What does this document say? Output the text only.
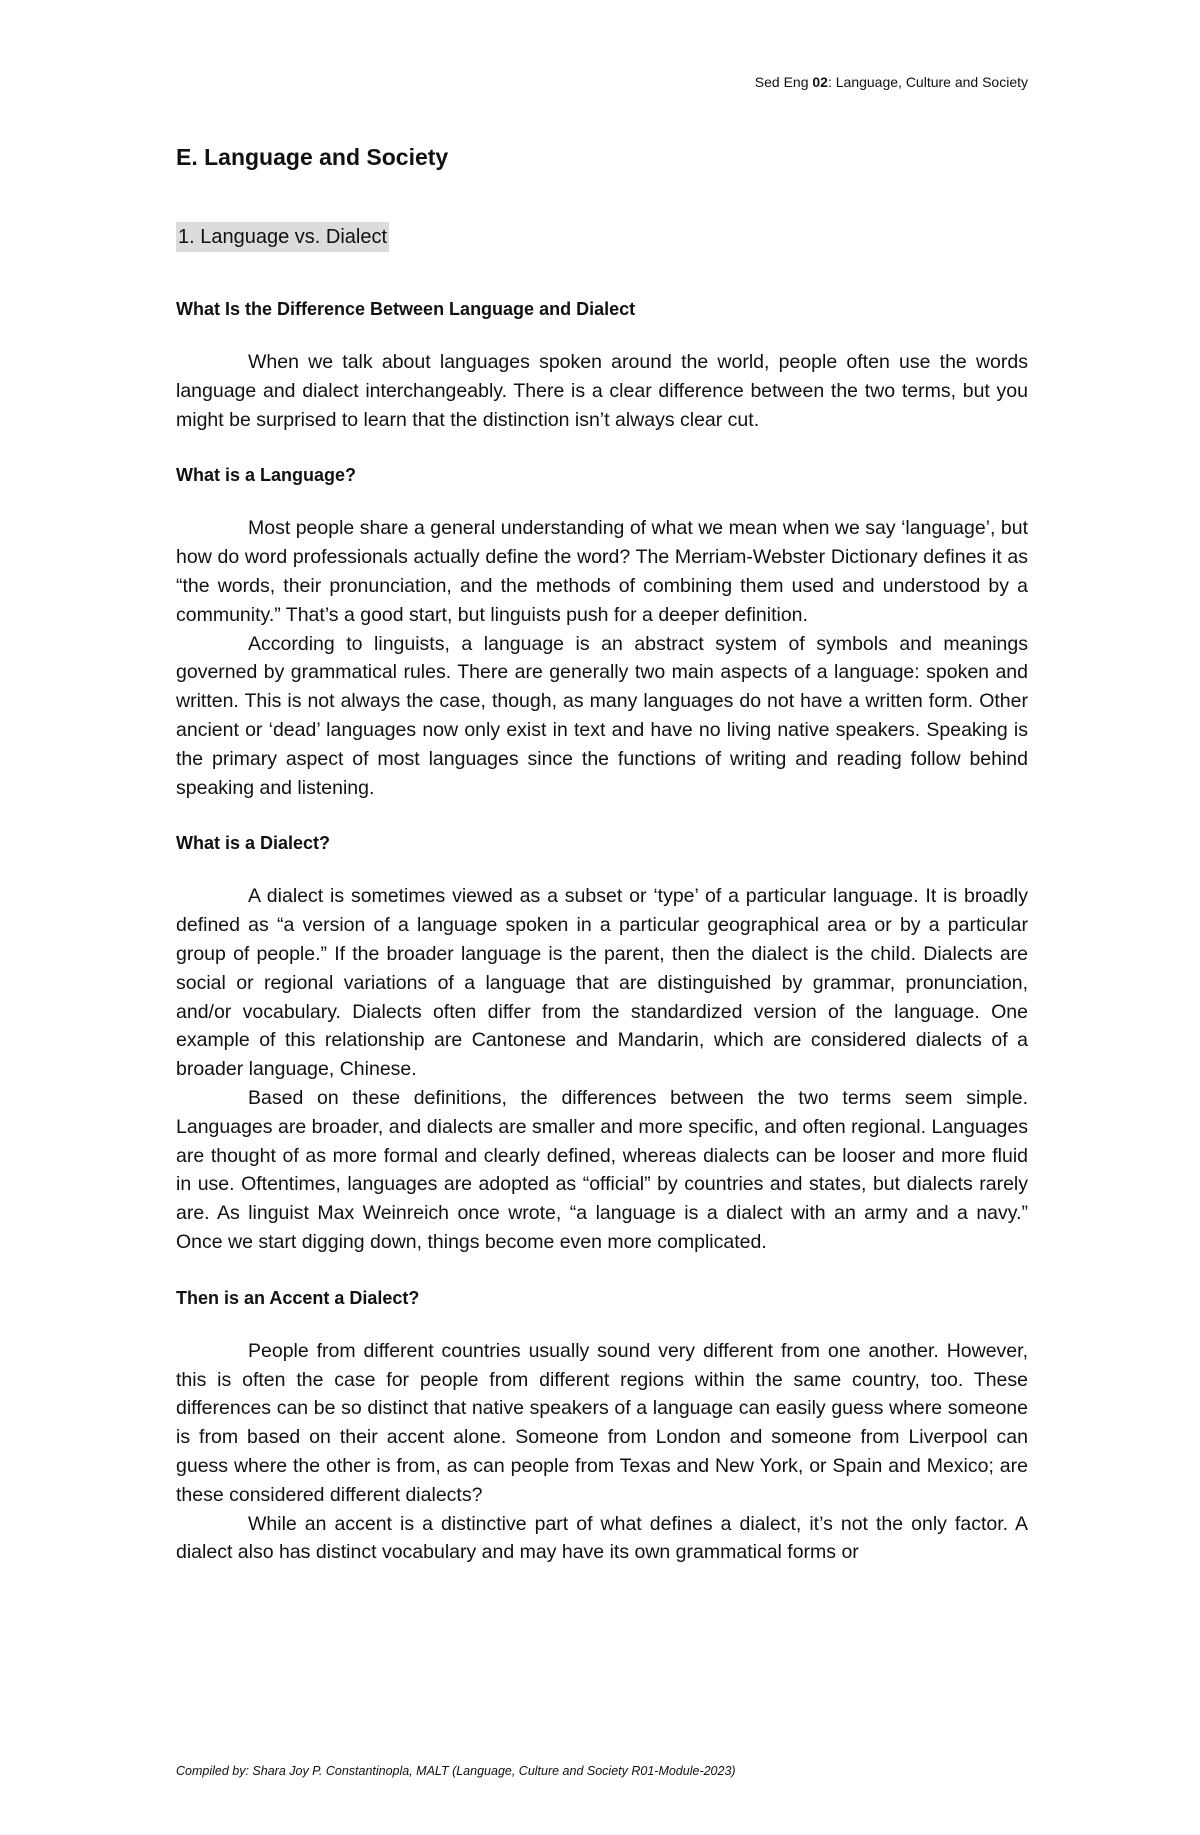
Sed Eng 02: Language, Culture and Society
E. Language and Society
1. Language vs. Dialect
What Is the Difference Between Language and Dialect

When we talk about languages spoken around the world, people often use the words language and dialect interchangeably. There is a clear difference between the two terms, but you might be surprised to learn that the distinction isn’t always clear cut.

What is a Language?

Most people share a general understanding of what we mean when we say ‘language’, but how do word professionals actually define the word? The Merriam-Webster Dictionary defines it as “the words, their pronunciation, and the methods of combining them used and understood by a community.” That’s a good start, but linguists push for a deeper definition.

According to linguists, a language is an abstract system of symbols and meanings governed by grammatical rules. There are generally two main aspects of a language: spoken and written. This is not always the case, though, as many languages do not have a written form. Other ancient or ‘dead’ languages now only exist in text and have no living native speakers. Speaking is the primary aspect of most languages since the functions of writing and reading follow behind speaking and listening.

What is a Dialect?

A dialect is sometimes viewed as a subset or ‘type’ of a particular language. It is broadly defined as “a version of a language spoken in a particular geographical area or by a particular group of people.” If the broader language is the parent, then the dialect is the child. Dialects are social or regional variations of a language that are distinguished by grammar, pronunciation, and/or vocabulary. Dialects often differ from the standardized version of the language. One example of this relationship are Cantonese and Mandarin, which are considered dialects of a broader language, Chinese.

Based on these definitions, the differences between the two terms seem simple. Languages are broader, and dialects are smaller and more specific, and often regional. Languages are thought of as more formal and clearly defined, whereas dialects can be looser and more fluid in use. Oftentimes, languages are adopted as “official” by countries and states, but dialects rarely are. As linguist Max Weinreich once wrote, “a language is a dialect with an army and a navy.” Once we start digging down, things become even more complicated.

Then is an Accent a Dialect?

People from different countries usually sound very different from one another. However, this is often the case for people from different regions within the same country, too. These differences can be so distinct that native speakers of a language can easily guess where someone is from based on their accent alone. Someone from London and someone from Liverpool can guess where the other is from, as can people from Texas and New York, or Spain and Mexico; are these considered different dialects?

While an accent is a distinctive part of what defines a dialect, it’s not the only factor. A dialect also has distinct vocabulary and may have its own grammatical forms or

Compiled by: Shara Joy P. Constantinopla, MALT (Language, Culture and Society R01-Module-2023)
